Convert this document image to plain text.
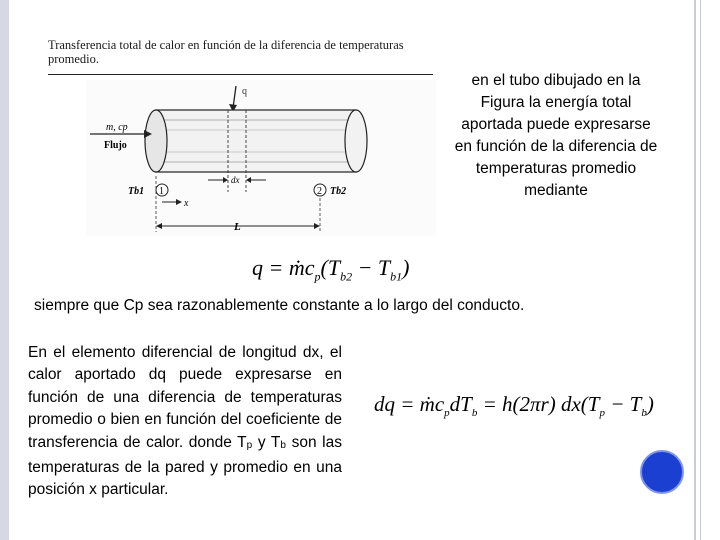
Transferencia total de calor en función de la diferencia de temperaturas
promedio.
q
m, cp
Flujo
1	2
Tb1	Tb2
dx
x
L
en el tubo dibujado en la Figura la energía total aportada puede expresarse en función de la diferencia de temperaturas promedio mediante
$q = ṁc_p(T_{b2} - T_{b1})$
siempre que Cp sea razonablemente constante a lo largo del conducto.
En el elemento diferencial de longitud dx, el calor aportado dq puede expresarse en función de una diferencia de temperaturas promedio o bien en función del coeficiente de transferencia de calor. donde $T_p$ y $T_b$ son las temperaturas de la pared y promedio en una posición x particular.
dq = $ṁc_pdT_b = h(2\pi r) dx(T_p - T_b)$
